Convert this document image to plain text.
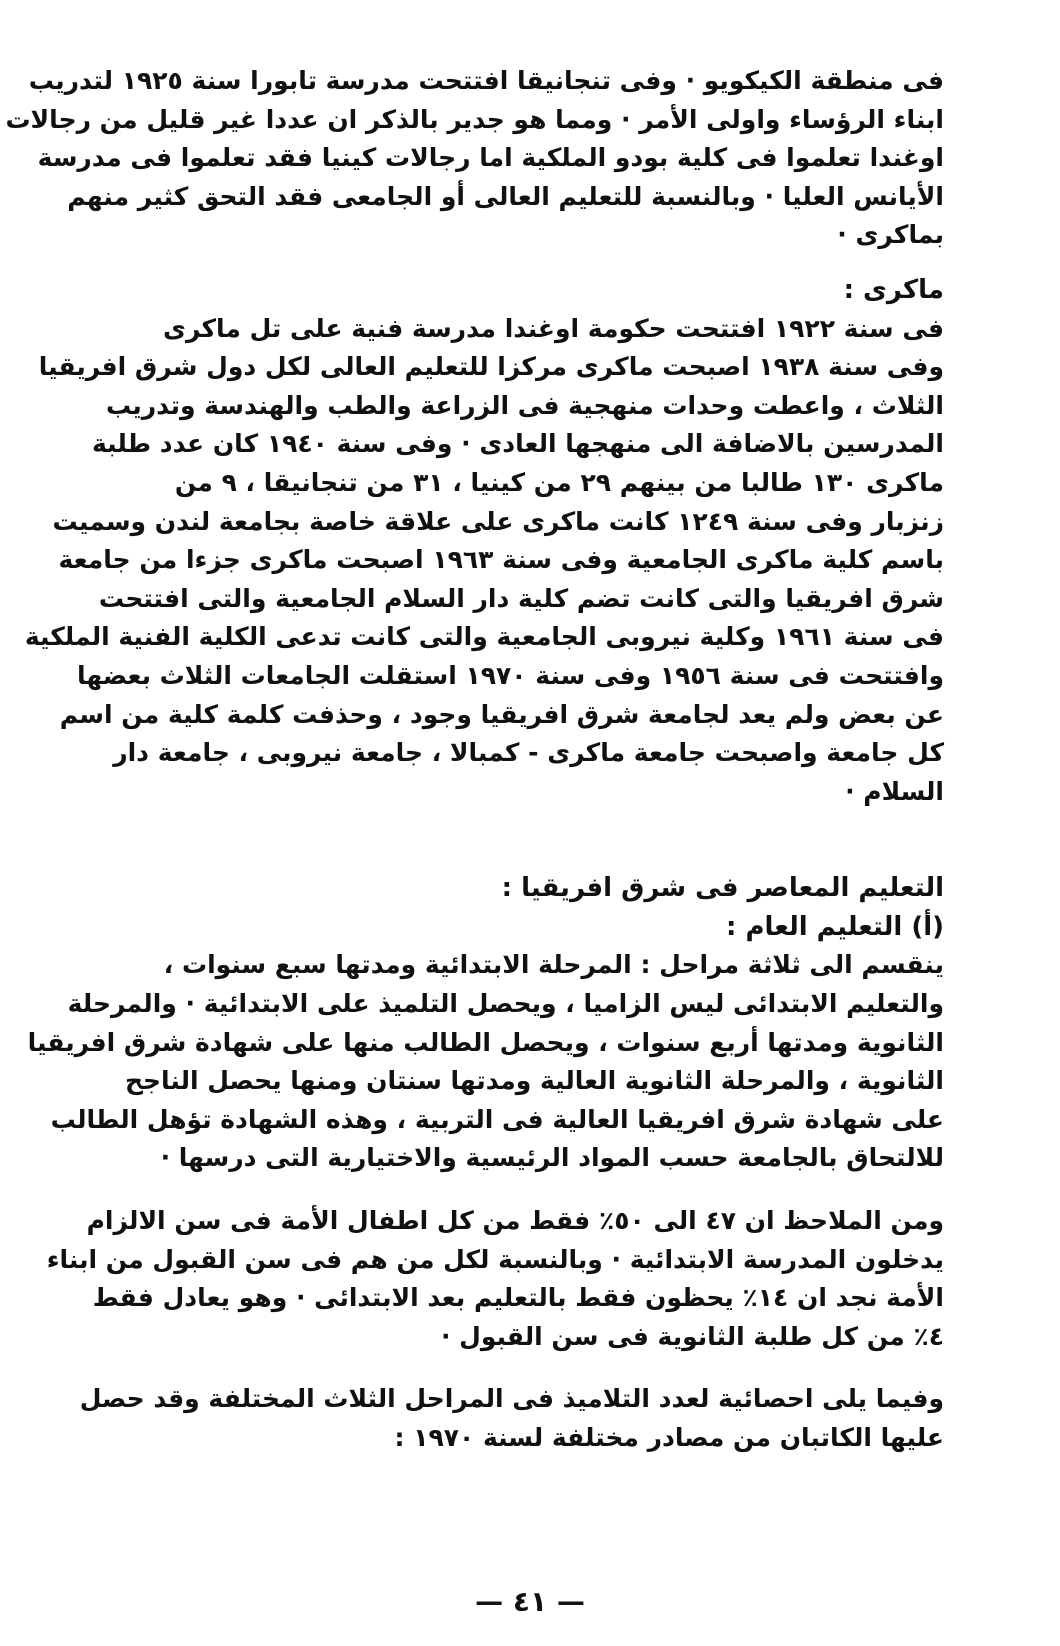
فى منطقة الكيكويو · وفى تنجانيقا افتتحت مدرسة تابورا سنة ١٩٢٥ لتدريب
ابناء الرؤساء واولى الأمر · ومما هو جدير بالذكر ان عددا غير قليل من رجالات
اوغندا تعلموا فى كلية بودو الملكية اما رجالات كينيا فقد تعلموا فى مدرسة
الأيانس العليا · وبالنسبة للتعليم العالى أو الجامعى فقد التحق كثير منهم
بماكرى ·

ماكرى :

فى سنة ١٩٢٢ افتتحت حكومة اوغندا مدرسة فنية على تل ماكرى
وفى سنة ١٩٣٨ اصبحت ماكرى مركزا للتعليم العالى لكل دول شرق افريقيا
الثلاث ، واعطت وحدات منهجية فى الزراعة والطب والهندسة وتدريب
المدرسين بالاضافة الى منهجها العادى · وفى سنة ١٩٤٠ كان عدد طلبة
ماكرى ١٣٠ طالبا من بينهم ٢٩ من كينيا ، ٣١ من تنجانيقا ، ٩ من
زنزبار وفى سنة ١٢٤٩ كانت ماكرى على علاقة خاصة بجامعة لندن وسميت
باسم كلية ماكرى الجامعية وفى سنة ١٩٦٣ اصبحت ماكرى جزءا من جامعة
شرق افريقيا والتى كانت تضم كلية دار السلام الجامعية والتى افتتحت
فى سنة ١٩٦١ وكلية نيروبى الجامعية والتى كانت تدعى الكلية الفنية الملكية
وافتتحت فى سنة ١٩٥٦ وفى سنة ١٩٧٠ استقلت الجامعات الثلاث بعضها
عن بعض ولم يعد لجامعة شرق افريقيا وجود ، وحذفت كلمة كلية من اسم
كل جامعة واصبحت جامعة ماكرى - كمبالا ، جامعة نيروبى ، جامعة دار
السلام ·

التعليم المعاصر فى شرق افريقيا :
(أ) التعليم العام :

ينقسم الى ثلاثة مراحل : المرحلة الابتدائية ومدتها سبع سنوات ،
والتعليم الابتدائى ليس الزاميا ، ويحصل التلميذ على الابتدائية · والمرحلة
الثانوية ومدتها أربع سنوات ، ويحصل الطالب منها على شهادة شرق افريقيا
الثانوية ، والمرحلة الثانوية العالية ومدتها سنتان ومنها يحصل الناجح
على شهادة شرق افريقيا العالية فى التربية ، وهذه الشهادة تؤهل الطالب
للالتحاق بالجامعة حسب المواد الرئيسية والاختيارية التى درسها ·

ومن الملاحظ ان ٤٧ الى ٥٠٪ فقط من كل اطفال الأمة فى سن الالزام
يدخلون المدرسة الابتدائية · وبالنسبة لكل من هم فى سن القبول من ابناء
الأمة نجد ان ١٤٪ يحظون فقط بالتعليم بعد الابتدائى · وهو يعادل فقط
٤٪ من كل طلبة الثانوية فى سن القبول ·

وفيما يلى احصائية لعدد التلاميذ فى المراحل الثلاث المختلفة وقد حصل
عليها الكاتبان من مصادر مختلفة لسنة ١٩٧٠ :

— ٤١ —
